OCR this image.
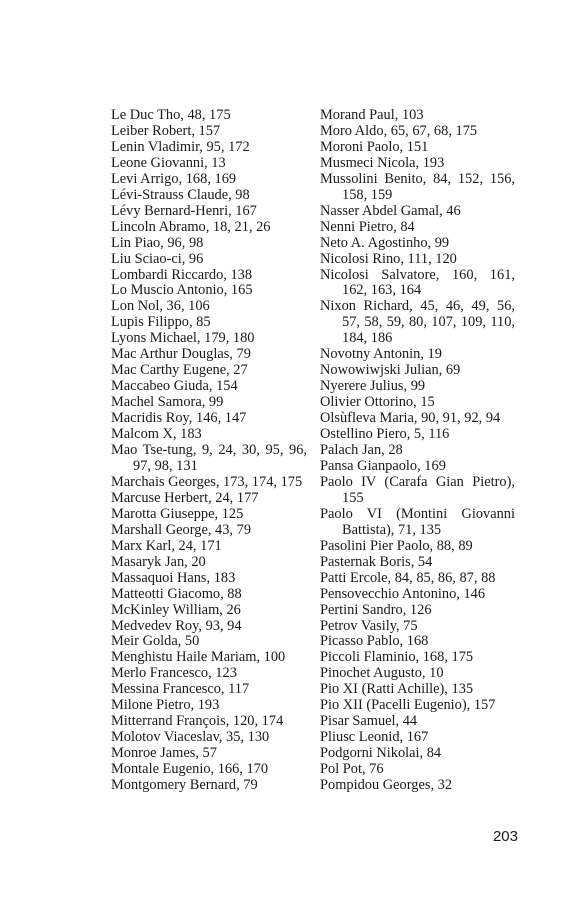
Le Duc Tho, 48, 175
Leiber Robert, 157
Lenin Vladimir, 95, 172
Leone Giovanni, 13
Levi Arrigo, 168, 169
Lévi-Strauss Claude, 98
Lévy Bernard-Henri, 167
Lincoln Abramo, 18, 21, 26
Lin Piao, 96, 98
Liu Sciao-ci, 96
Lombardi Riccardo, 138
Lo Muscio Antonio, 165
Lon Nol, 36, 106
Lupis Filippo, 85
Lyons Michael, 179, 180
Mac Arthur Douglas, 79
Mac Carthy Eugene, 27
Maccabeo Giuda, 154
Machel Samora, 99
Macridis Roy, 146, 147
Malcom X, 183
Mao Tse-tung, 9, 24, 30, 95, 96, 97, 98, 131
Marchais Georges, 173, 174, 175
Marcuse Herbert, 24, 177
Marotta Giuseppe, 125
Marshall George, 43, 79
Marx Karl, 24, 171
Masaryk Jan, 20
Massaquoi Hans, 183
Matteotti Giacomo, 88
McKinley William, 26
Medvedev Roy, 93, 94
Meir Golda, 50
Menghistu Haile Mariam, 100
Merlo Francesco, 123
Messina Francesco, 117
Milone Pietro, 193
Mitterrand François, 120, 174
Molotov Viaceslav, 35, 130
Monroe James, 57
Montale Eugenio, 166, 170
Montgomery Bernard, 79
Morand Paul, 103
Moro Aldo, 65, 67, 68, 175
Moroni Paolo, 151
Musmeci Nicola, 193
Mussolini Benito, 84, 152, 156, 158, 159
Nasser Abdel Gamal, 46
Nenni Pietro, 84
Neto A. Agostinho, 99
Nicolosi Rino, 111, 120
Nicolosi Salvatore, 160, 161, 162, 163, 164
Nixon Richard, 45, 46, 49, 56, 57, 58, 59, 80, 107, 109, 110, 184, 186
Novotny Antonin, 19
Nowowiwjski Julian, 69
Nyerere Julius, 99
Olivier Ottorino, 15
Olsùfleva Maria, 90, 91, 92, 94
Ostellino Piero, 5, 116
Palach Jan, 28
Pansa Gianpaolo, 169
Paolo IV (Carafa Gian Pietro), 155
Paolo VI (Montini Giovanni Battista), 71, 135
Pasolini Pier Paolo, 88, 89
Pasternak Boris, 54
Patti Ercole, 84, 85, 86, 87, 88
Pensovecchio Antonino, 146
Pertini Sandro, 126
Petrov Vasily, 75
Picasso Pablo, 168
Piccoli Flaminio, 168, 175
Pinochet Augusto, 10
Pio XI (Ratti Achille), 135
Pio XII (Pacelli Eugenio), 157
Pisar Samuel, 44
Pliusc Leonid, 167
Podgorni Nikolai, 84
Pol Pot, 76
Pompidou Georges, 32
203
